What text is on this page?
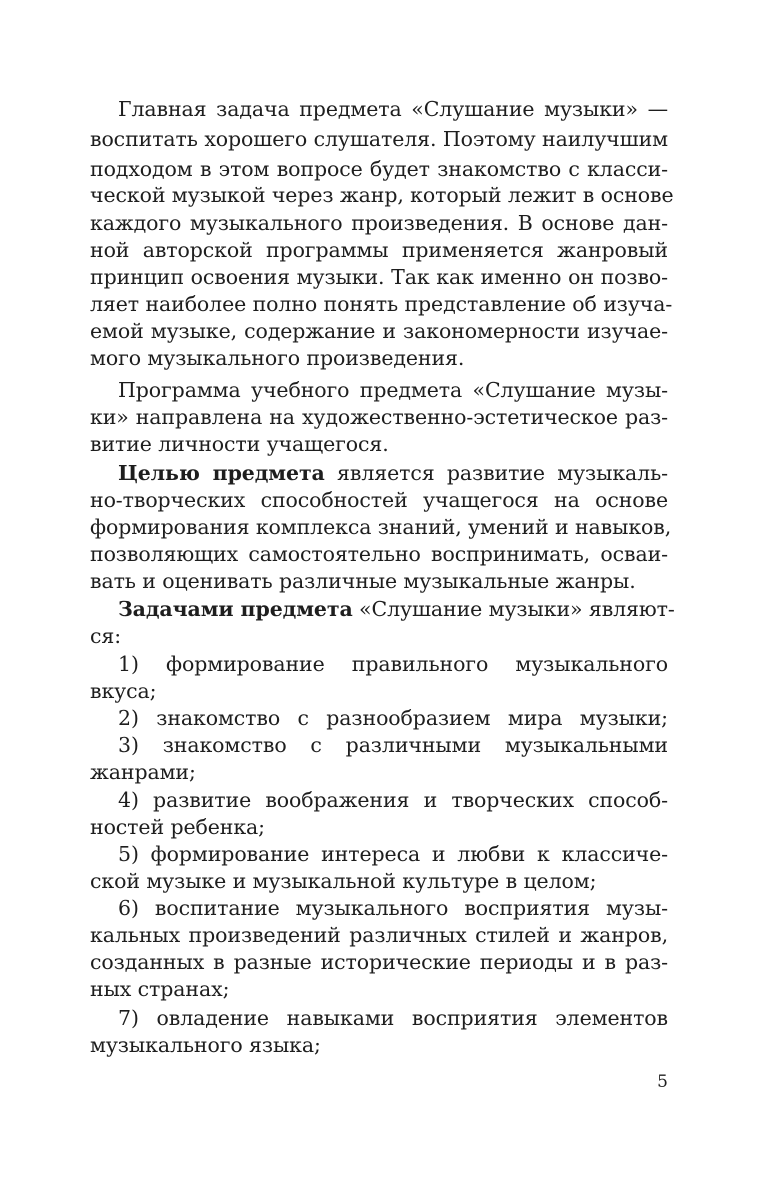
Главная задача предмета «Слушание музыки» —
воспитать хорошего слушателя. Поэтому наилучшим
подходом в этом вопросе будет знакомство с класси-
ческой музыкой через жанр, который лежит в основе
каждого музыкального произведения. В основе дан-
ной авторской программы применяется жанровый
принцип освоения музыки. Так как именно он позво-
ляет наиболее полно понять представление об изуча-
емой музыке, содержание и закономерности изучае-
мого музыкального произведения.
Программа учебного предмета «Слушание музы-
ки» направлена на художественно-эстетическое раз-
витие личности учащегося.
Целью предмета является развитие музыкаль-
но-творческих способностей учащегося на основе
формирования комплекса знаний, умений и навыков,
позволяющих самостоятельно воспринимать, осваи-
вать и оценивать различные музыкальные жанры.
Задачами предмета «Слушание музыки» являют-
ся:
1) формирование правильного музыкального
вкуса;
2) знакомство с разнообразием мира музыки;
3) знакомство с различными музыкальными
жанрами;
4) развитие воображения и творческих способ-
ностей ребенка;
5) формирование интереса и любви к классиче-
ской музыке и музыкальной культуре в целом;
6) воспитание музыкального восприятия музы-
кальных произведений различных стилей и жанров,
созданных в разные исторические периоды и в раз-
ных странах;
7) овладение навыками восприятия элементов
музыкального языка;
5
